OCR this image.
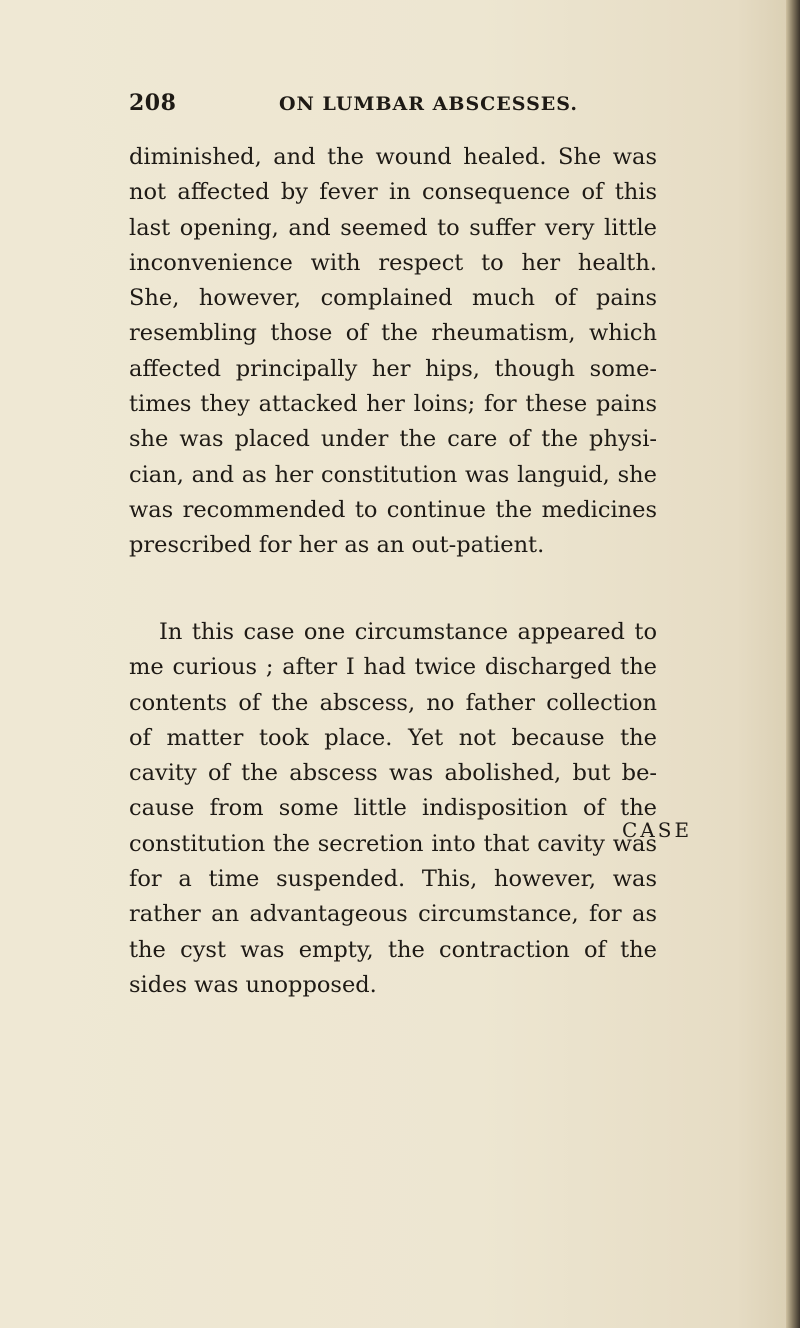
208	ON LUMBAR ABSCESSES.
diminished, and the wound healed. She was
not affected by fever in consequence of this
last opening, and seemed to suffer very little
inconvenience with respect to her health.
She, however, complained much of pains
resembling those of the rheumatism, which
affected principally her hips, though some-
times they attacked her loins; for these pains
she was placed under the care of the physi-
cian, and as her constitution was languid, she
was recommended to continue the medicines
prescribed for her as an out-patient.
In this case one circumstance appeared to
me curious ; after I had twice discharged the
contents of the abscess, no father collection
of matter took place. Yet not because the
cavity of the abscess was abolished, but be-
cause from some little indisposition of the
constitution the secretion into that cavity was
for a time suspended. This, however, was
rather an advantageous circumstance, for as
the cyst was empty, the contraction of the
sides was unopposed.
CASE
